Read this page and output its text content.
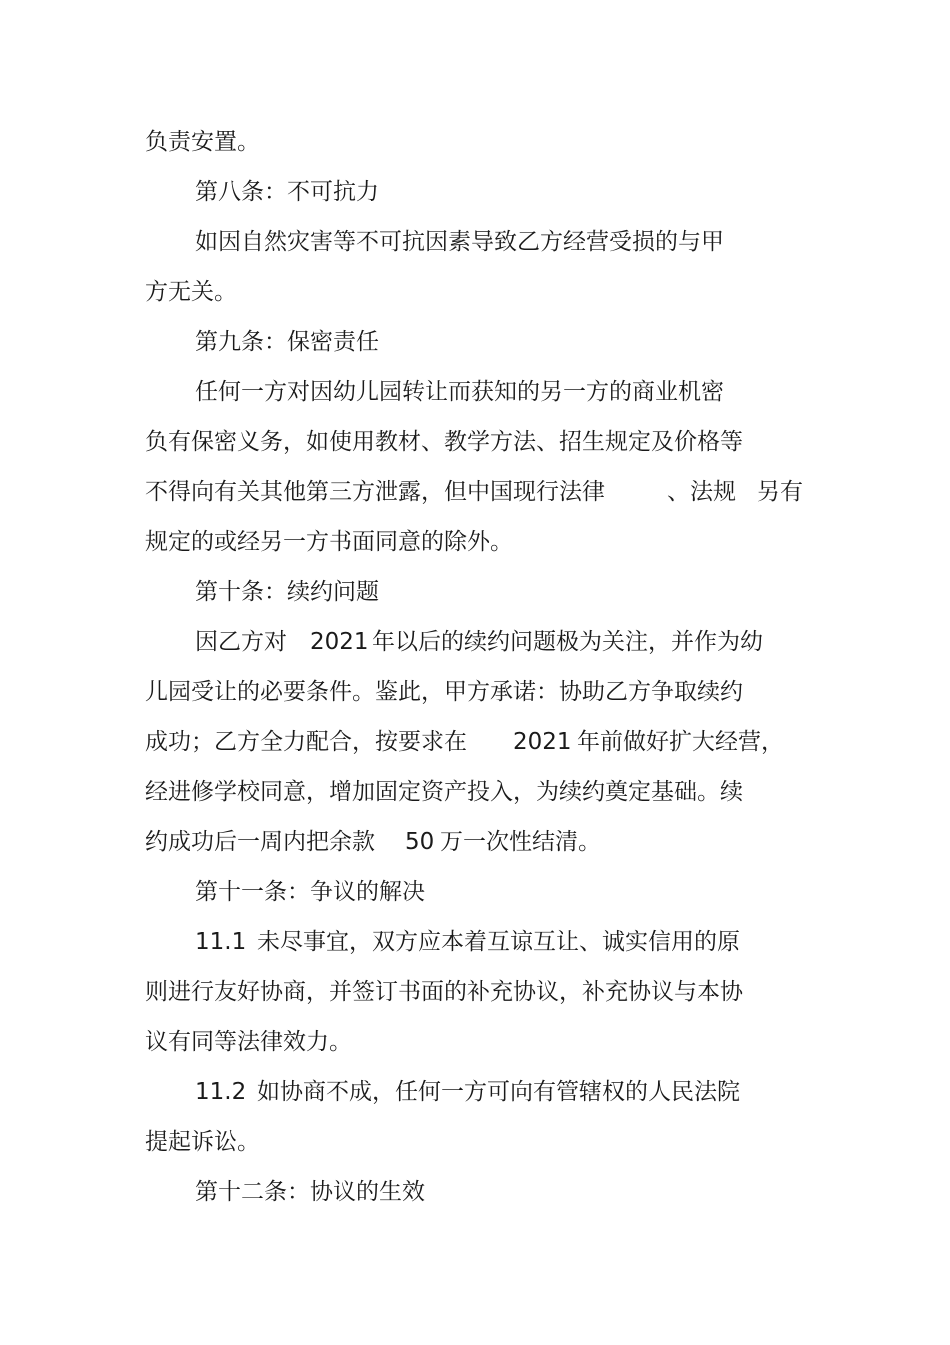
负责安置。

第八条：不可抗力

如因自然灾害等不可抗因素导致乙方经营受损的与甲

方无关。

第九条：保密责任

任何一方对因幼儿园转让而获知的另一方的商业机密

负有保密义务，如使用教材、教学方法、招生规定及价格等

不得向有关其他第三方泄露，但中国现行法律

	、法规

另有

规定的或经另一方书面同意的除外。

第十条：续约问题

因乙方对

2021

年以后的续约问题极为关注，并作为幼

儿园受让的必要条件。鉴此，甲方承诺：协助乙方争取续约

成功；乙方全力配合，按要求在

2021

年前做好扩大经营，

经进修学校同意，增加固定资产投入，为续约奠定基础。续

约成功后一周内把余款

50

万一次性结清。

第十一条：争议的解决

11.1

未尽事宜，双方应本着互谅互让、诚实信用的原

则进行友好协商，并签订书面的补充协议，补充协议与本协

议有同等法律效力。

11.2

如协商不成，任何一方可向有管辖权的人民法院

提起诉讼。

第十二条：协议的生效
